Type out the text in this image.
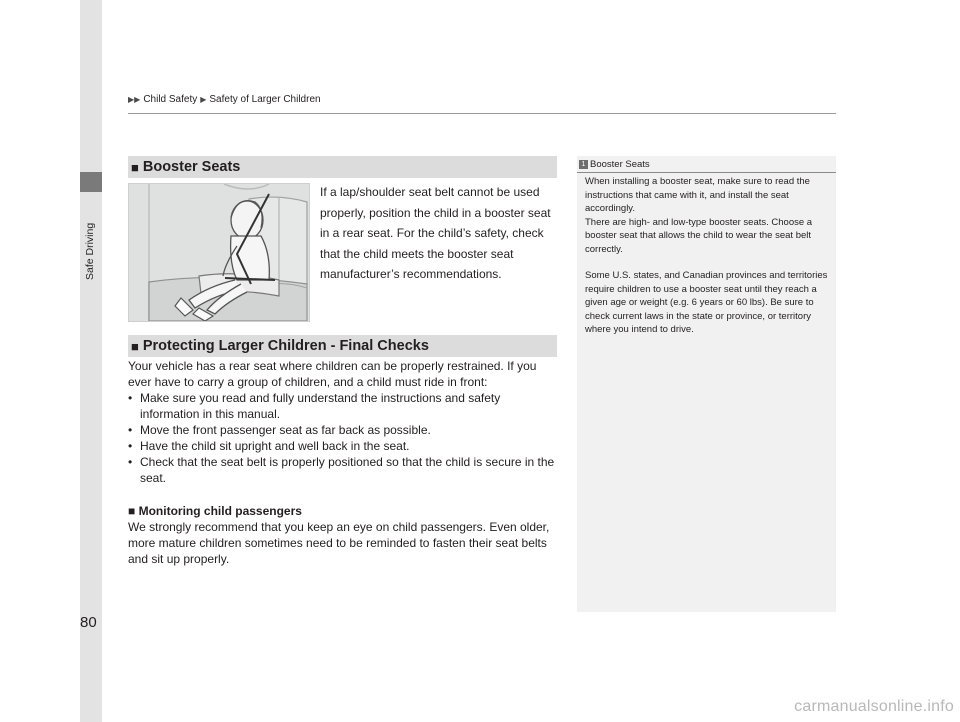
Safe Driving
▶▶ Child Safety ▶ Safety of Larger Children
■ Booster Seats
If a lap/shoulder seat belt cannot be used properly, position the child in a booster seat in a rear seat. For the child’s safety, check that the child meets the booster seat manufacturer’s recommendations.
■ Protecting Larger Children - Final Checks

Your vehicle has a rear seat where children can be properly restrained. If you ever have to carry a group of children, and a child must ride in front:

• Make sure you read and fully understand the instructions and safety information in this manual.

• Move the front passenger seat as far back as possible.

• Have the child sit upright and well back in the seat.

• Check that the seat belt is properly positioned so that the child is secure in the seat.

■ Monitoring child passengers

We strongly recommend that you keep an eye on child passengers. Even older, more mature children sometimes need to be reminded to fasten their seat belts and sit up properly.

1 Booster Seats

When installing a booster seat, make sure to read the instructions that came with it, and install the seat accordingly.
There are high- and low-type booster seats. Choose a booster seat that allows the child to wear the seat belt correctly.

Some U.S. states, and Canadian provinces and territories require children to use a booster seat until they reach a given age or weight (e.g. 6 years or 60 lbs). Be sure to check current laws in the state or province, or territory where you intend to drive.

80
carmanualsonline.info
